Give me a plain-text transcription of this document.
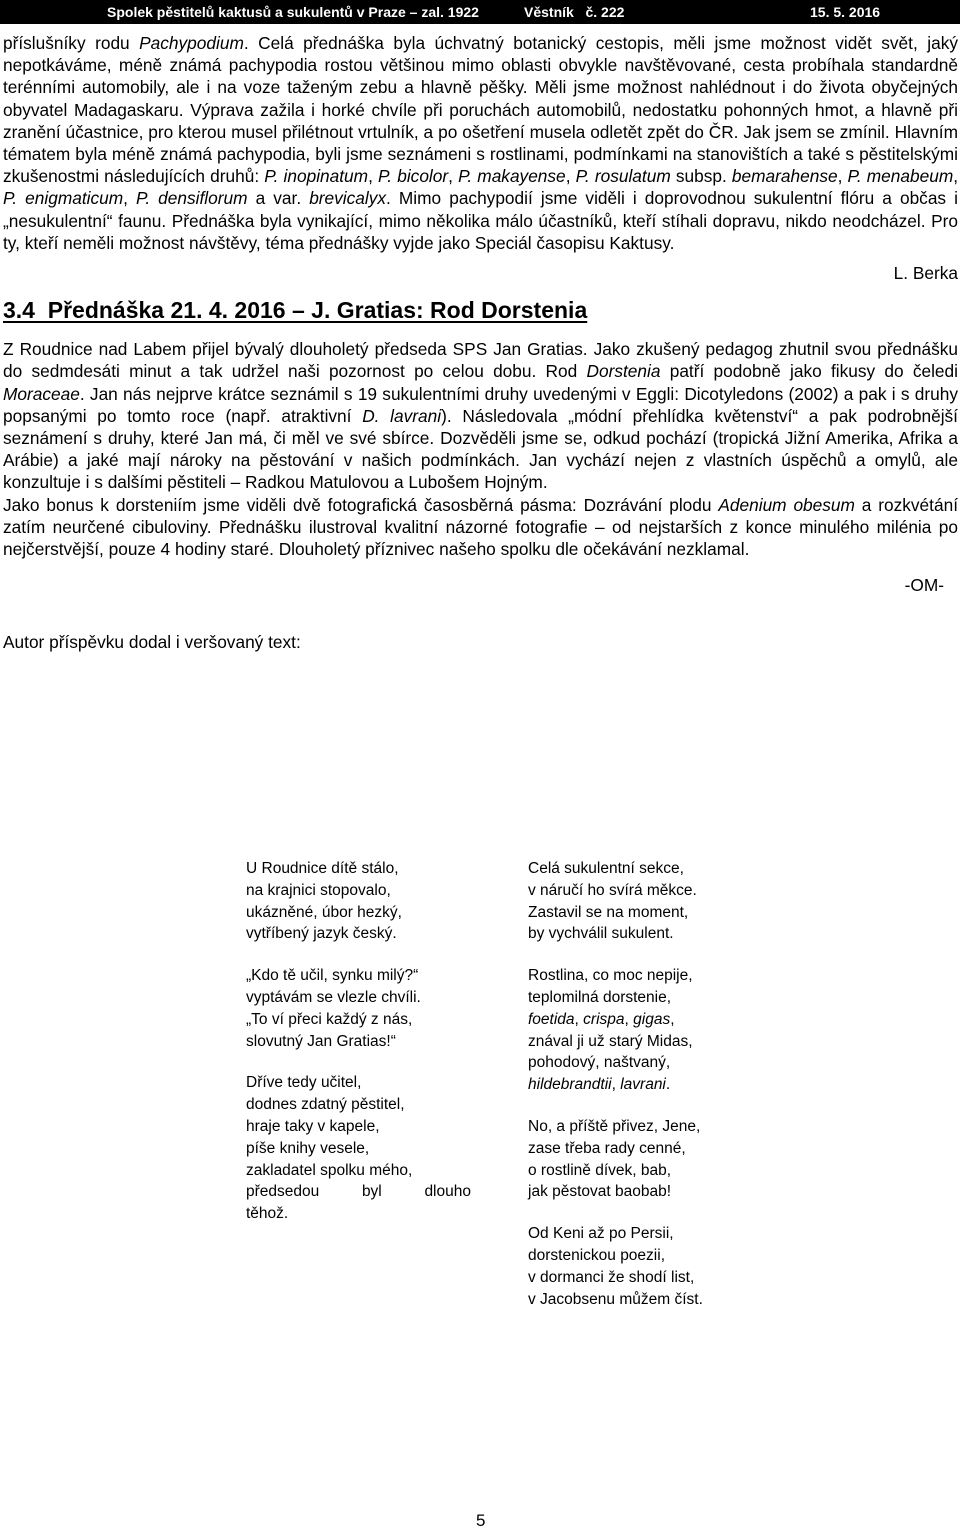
Spolek pěstitelů kaktusů a sukulentů v Praze – zal. 1922	Věstník   č. 222	15. 5. 2016

příslušníky rodu Pachypodium. Celá přednáška byla úchvatný botanický cestopis, měli jsme možnost vidět svět, jaký nepotkáváme, méně známá pachypodia rostou většinou mimo oblasti obvykle navštěvované, cesta probíhala standardně terénními automobily, ale i na voze taženým zebu a hlavně pěšky. Měli jsme možnost nahlédnout i do života obyčejných obyvatel Madagaskaru. Výprava zažila i horké chvíle při poruchách automobilů, nedostatku pohonných hmot, a hlavně při zranění účastnice, pro kterou musel přilétnout vrtulník, a po ošetření musela odletět zpět do ČR. Jak jsem se zmínil. Hlavním tématem byla méně známá pachypodia, byli jsme seznámeni s rostlinami, podmínkami na stanovištích a také s pěstitelskými zkušenostmi následujících druhů: P. inopinatum, P. bicolor, P. makayense, P. rosulatum subsp. bemarahense, P. menabeum, P. enigmaticum, P. densiflorum a var. brevicalyx. Mimo pachypodií jsme viděli i doprovodnou sukulentní flóru a občas i „nesukulentní“ faunu. Přednáška byla vynikající, mimo několika málo účastníků, kteří stíhali dopravu, nikdo neodcházel. Pro ty, kteří neměli možnost návštěvy, téma přednášky vyjde jako Speciál časopisu Kaktusy.

L. Berka

3.4  Přednáška 21. 4. 2016 – J. Gratias: Rod Dorstenia

Z Roudnice nad Labem přijel bývalý dlouholetý předseda SPS Jan Gratias. Jako zkušený pedagog zhutnil svou přednášku do sedmdesáti minut a tak udržel naši pozornost po celou dobu. Rod Dorstenia patří podobně jako fikusy do čeledi Moraceae. Jan nás nejprve krátce seznámil s 19 sukulentními druhy uvedenými v Eggli: Dicotyledons (2002) a pak i s druhy popsanými po tomto roce (např. atraktivní D. lavrani). Následovala „módní přehlídka květenství“ a pak podrobnější seznámení s druhy, které Jan má, či měl ve své sbírce. Dozvěděli jsme se, odkud pochází (tropická Jižní Amerika, Afrika a Arábie) a jaké mají nároky na pěstování v našich podmínkách. Jan vychází nejen z vlastních úspěchů a omylů, ale konzultuje i s dalšími pěstiteli – Radkou Matulovou a Lubošem Hojným.
Jako bonus k dorsteniím jsme viděli dvě fotografická časosběrná pásma: Dozrávání plodu Adenium obesum a rozkvétání zatím neurčené cibuloviny. Přednášku ilustroval kvalitní názorné fotografie – od nejstarších z konce minulého milénia po nejčerstvější, pouze 4 hodiny staré. Dlouholetý příznivec našeho spolku dle očekávání nezklamal.

-OM-

Autor příspěvku dodal i veršovaný text:

U Roudnice dítě stálo,
na krajnici stopovalo,
ukázněné, úbor hezký,
vytříbený jazyk český.
„Kdo tě učil, synku milý?“
vyptávám se vlezle chvíli.
„To ví přeci každý z nás,
slovutný Jan Gratias!“
Dříve tedy učitel,
dodnes zdatný pěstitel,
hraje taky v kapele,
píše knihy vesele,
zakladatel spolku mého,
předsedou	byl	dlouho
těhož.
Celá sukulentní sekce,
v náručí ho svírá měkce.
Zastavil se na moment,
by vychválil sukulent.
Rostlina, co moc nepije,
teplomilná dorstenie,
foetida, crispa, gigas,
znával ji už starý Midas,
pohodový, naštvaný,
hildebrandtii, lavrani.
No, a příště přivez, Jene,
zase třeba rady cenné,
o rostlině dívek, bab,
jak pěstovat baobab!
Od Keni až po Persii,
dorstenickou poezii,
v dormanci že shodí list,
v Jacobsenu můžem číst.
5
